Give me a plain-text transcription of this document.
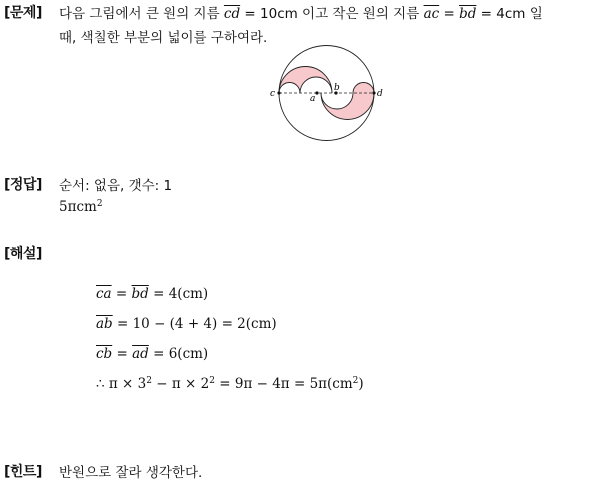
[문제] 다음 그림에서 큰 원의 지름 $\overline{cd} = 10cm$ 이고 작은 원의 지름 $\overline{ac} = \overline{bd} = 4cm$ 일
때, 색칠한 부분의 넓이를 구하여라.
c	a
b
d
[정답] 순서: 없음, 갯수: 1
5πcm$^2$
[해설]
$\overline{ca} = \overline{bd} = 4(cm)$
$\overline{ab} = 10 - (4 + 4) = 2(cm)$
$\overline{cb} = \overline{ad} = 6(cm)$
∴ $\pi \times 3^2 - \pi \times 2^2 = 9\pi - 4\pi = 5\pi(cm^2)$
[힌트] 반원으로 잘라 생각한다.
